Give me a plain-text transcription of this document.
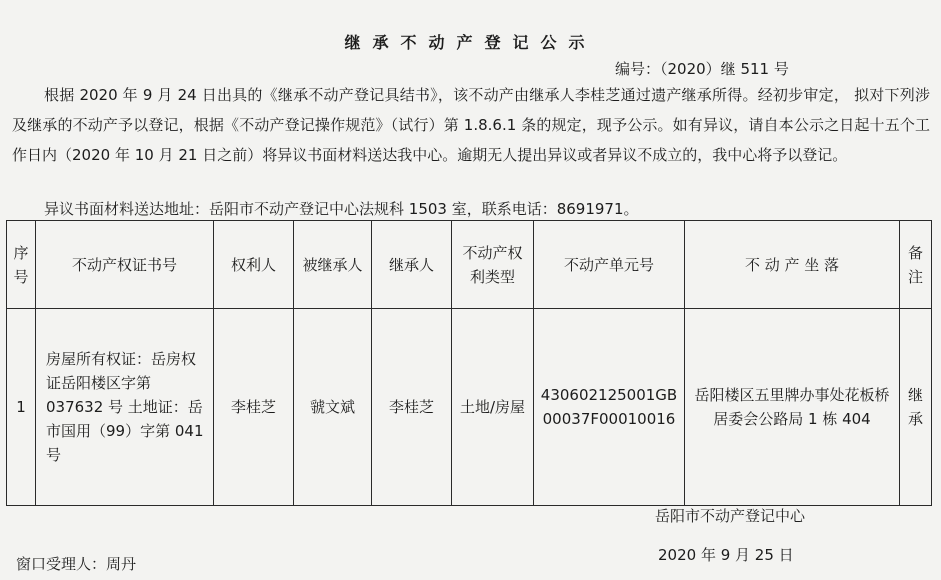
继承不动产登记公示
编号：（2020）继 511 号
根据 2020 年 9 月 24 日出具的《继承不动产登记具结书》，该不动产由继承人李桂芝通过遗产继承所得。经初步审定， 拟对下列涉及继承的不动产予以登记，根据《不动产登记操作规范》（试行）第 1.8.6.1 条的规定，现予公示。如有异议，请自本公示之日起十五个工作日内（2020 年 10 月 21 日之前）将异议书面材料送达我中心。逾期无人提出异议或者异议不成立的，我中心将予以登记。
异议书面材料送达地址：岳阳市不动产登记中心法规科 1503 室，联系电话：8691971。
序号	不动产权证书号	权利人	被继承人	继承人	不动产权利类型	不动产单元号	不 动 产 坐 落	备注
1	房屋所有权证：岳房权证岳阳楼区字第 037632 号 土地证：岳市国用（99）字第 041 号	李桂芝	虢文斌	李桂芝	土地/房屋	430602125001GB00037F00010016	岳阳楼区五里牌办事处花板桥居委会公路局 1 栋 404	继承
岳阳市不动产登记中心
窗口受理人：周丹	2020 年 9 月 25 日
